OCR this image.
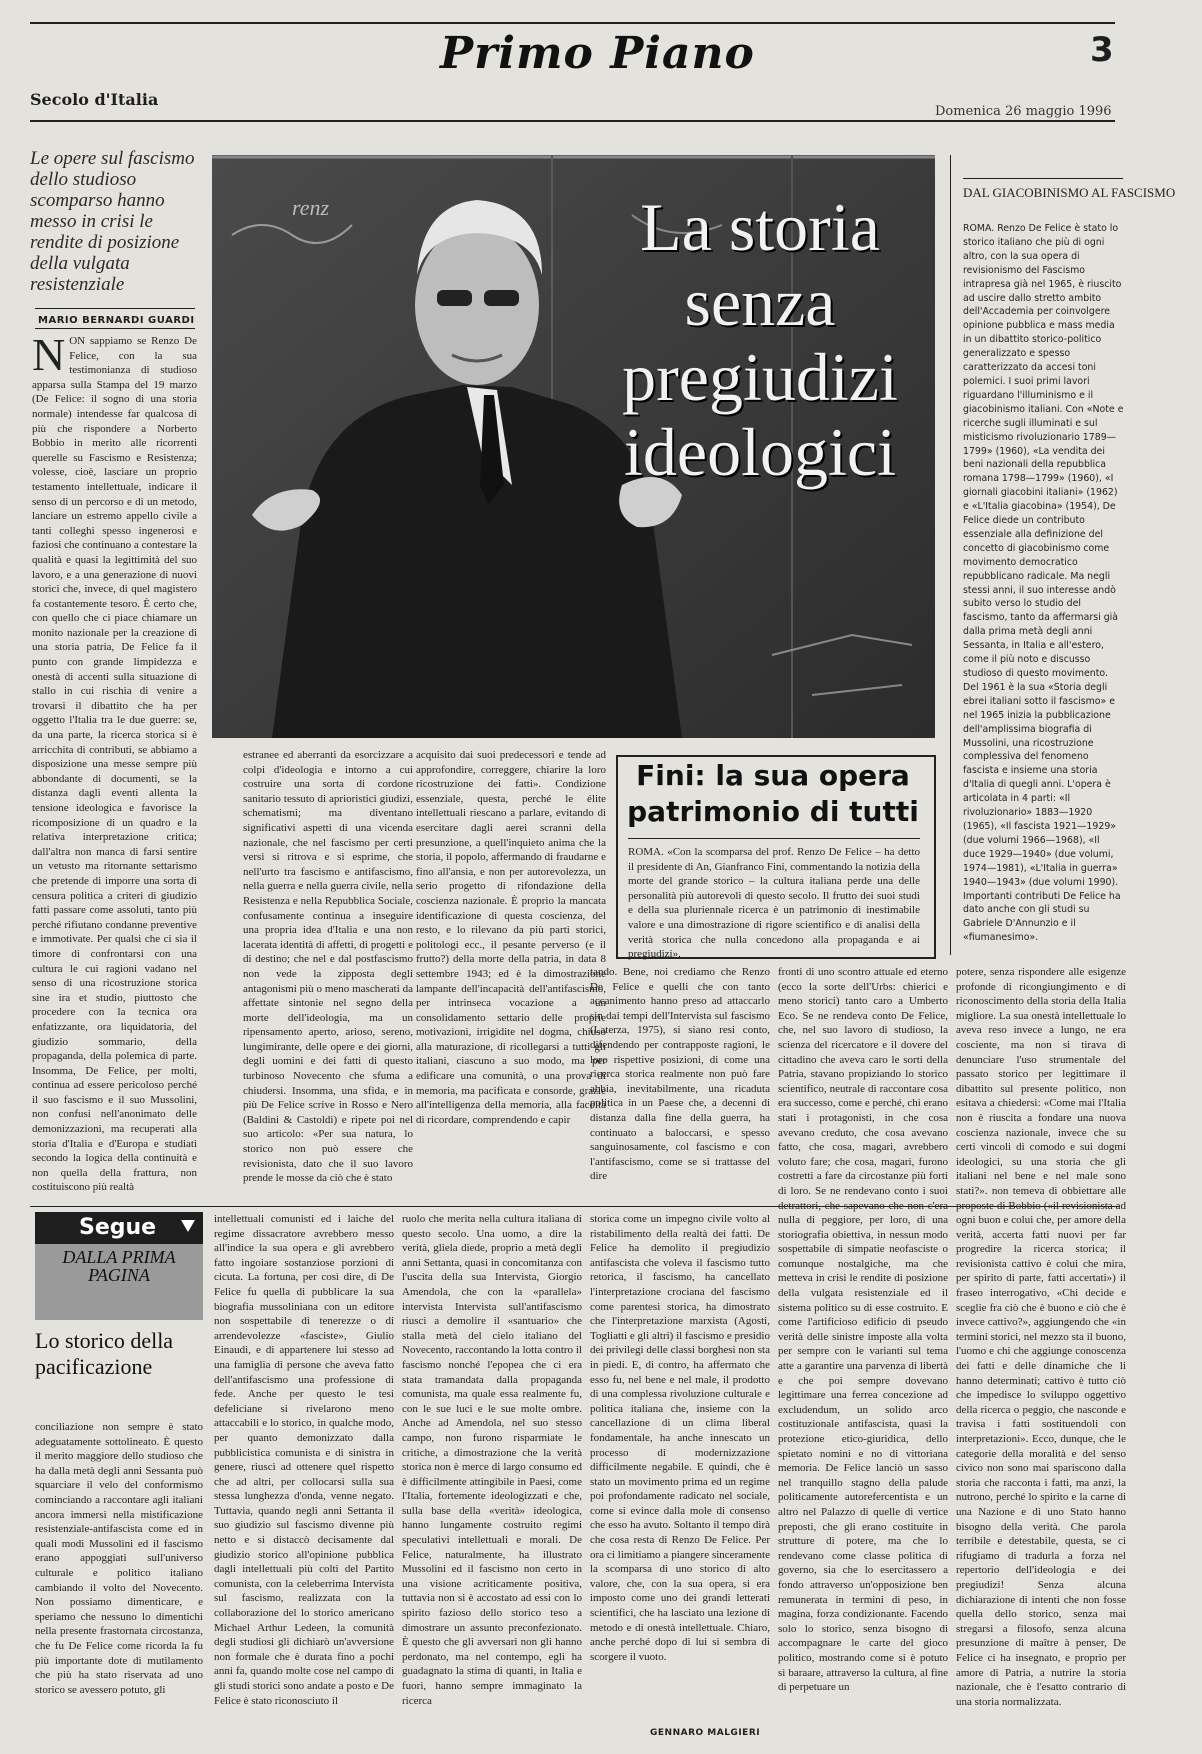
Primo Piano	3
Secolo d'Italia
Domenica 26 maggio 1996
Le opere sul fascismo dello studioso scomparso hanno messo in crisi le rendite di posizione della vulgata resistenziale
MARIO BERNARDI GUARDI
N ON sappiamo se Renzo De Felice, con la sua testimonianza di studioso apparsa sulla Stampa del 19 marzo (De Felice: il sogno di una storia normale) intendesse far qualcosa di più che rispondere a Norberto Bobbio in merito alle ricorrenti querelle su Fascismo e Resistenza; volesse, cioè, lasciare un proprio testamento intellettuale, indicare il senso di un percorso e di un metodo, lanciare un estremo appello civile a tanti colleghi spesso ingenerosi e faziosi che continuano a contestare la qualità e quasi la legittimità del suo lavoro, e a una generazione di nuovi storici che, invece, di quel magistero fa costantemente tesoro. È certo che, con quello che ci piace chiamare un monito nazionale per la creazione di una storia patria, De Felice fa il punto con grande limpidezza e onestà di accenti sulla situazione di stallo in cui rischia di venire a trovarsi il dibattito che ha per oggetto l'Italia tra le due guerre: se, da una parte, la ricerca storica si è arricchita di contributi, se abbiamo a disposizione una messe sempre più abbondante di documenti, se la distanza dagli eventi allenta la tensione ideologica e favorisce la ricomposizione di un quadro e la relativa interpretazione critica; dall'altra non manca di farsi sentire un vetusto ma ritornante settarismo che pretende di imporre una sorta di censura politica a criteri di giudizio fatti passare come assoluti, tanto più perché rifiutano condanne preventive e immotivate. Per qualsi che ci sia il timore di confrontarsi con una cultura le cui ragioni vadano nel senso di una ricostruzione storica sine ira et studio, piuttosto che procedere con la tecnica ora enfatizzante, ora liquidatoria, del giudizio sommario, della propaganda, della polemica di parte. Insomma, De Felice, per molti, continua ad essere pericoloso perché il suo fascismo e il suo Mussolini, non confusi nell'anonimato delle demonizzazioni, ma recuperati alla storia d'Italia e d'Europa e studiati secondo la logica della continuità e non quella della frattura, non costituiscono più realtà
renz	La storia senza pregiudizi ideologici
estranee ed aberranti da esorcizzare a colpi d'ideologia e intorno a cui costruire una sorta di cordone sanitario tessuto di aprioristici giudizi, schematismi; ma diventano significativi aspetti di una vicenda nazionale, che nel fascismo per certi versi si ritrova e si esprime, che nell'urto tra fascismo e antifascismo, nella guerra e nella guerra civile, nella Resistenza e nella Repubblica Sociale, confusamente continua a inseguire una propria idea d'Italia e una non lacerata identità di affetti, di progetti e di destino; che nel e dal postfascismo non vede la zipposta degli antagonismi più o meno mascherati da affettate sintonie nel segno della morte dell'ideologia, ma un ripensamento aperto, arioso, sereno, lungimirante, delle opere e dei giorni, degli uomini e dei fatti di questo turbinoso Novecento che sfuma a chiudersi. Insomma, una sfida, e in più De Felice scrive in Rosso e Nero (Baldini & Castoldi) e ripete poi nel suo articolo: «Per sua natura, lo storico non può essere che revisionista, dato che il suo lavoro prende le mosse da ciò che è stato
acquisito dai suoi predecessori e tende ad approfondire, correggere, chiarire la loro ricostruzione dei fatti». Condizione essenziale, questa, perché le élite intellettuali riescano a parlare, evitando di esercitare dagli aerei scranni della presunzione, a quell'inquieto anima che la storia, il popolo, affermando di fraudarne e fino all'ansia, e non per autorevolezza, un serio progetto di rifondazione della coscienza nazionale. È proprio la mancata identificazione di questa coscienza, del resto, e lo rilevano da più parti storici, politologi ecc., il pesante perverso (e il frutto?) della morte della patria, in data 8 settembre 1943; ed è la dimostrazione lampante dell'incapacità dell'antifascismo, per intrinseca vocazione a un consolidamento settario delle proprie motivazioni, irrigidite nel dogma, chiuso alla maturazione, di ricollegarsi a tutti gli italiani, ciascuno a suo modo, ma per edificare una comunità, o una prova di memoria, ma pacificata e consorde, grazie all'intelligenza della memoria, alla facoltà di ricordare, comprendendo e capir
Fini: la sua opera patrimonio di tutti
ROMA. «Con la scomparsa del prof. Renzo De Felice – ha detto il presidente di An, Gianfranco Fini, commentando la notizia della morte del grande storico – la cultura italiana perde una delle personalità più autorevoli di questo secolo. Il frutto dei suoi studi e della sua pluriennale ricerca è un patrimonio di inestimabile valore e una dimostrazione di rigore scientifico e di analisi della verità storica che nulla concedono alla propaganda e ai pregiudizi».
DAL GIACOBINISMO AL FASCISMO
ROMA. Renzo De Felice è stato lo storico italiano che più di ogni altro, con la sua opera di revisionismo del Fascismo intrapresa già nel 1965, è riuscito ad uscire dallo stretto ambito dell'Accademia per coinvolgere opinione pubblica e mass media in un dibattito storico-politico generalizzato e spesso caratterizzato da accesi toni polemici. I suoi primi lavori riguardano l'illuminismo e il giacobinismo italiani. Con «Note e ricerche sugli illuminati e sul misticismo rivoluzionario 1789—1799» (1960), «La vendita dei beni nazionali della repubblica romana 1798—1799» (1960), «I giornali giacobini italiani» (1962) e «L'Italia giacobina» (1954), De Felice diede un contributo essenziale alla definizione del concetto di giacobinismo come movimento democratico repubblicano radicale. Ma negli stessi anni, il suo interesse andò subito verso lo studio del fascismo, tanto da affermarsi già dalla prima metà degli anni Sessanta, in Italia e all'estero, come il più noto e discusso studioso di questo movimento. Del 1961 è la sua «Storia degli ebrei italiani sotto il fascismo» e nel 1965 inizia la pubblicazione dell'amplissima biografia di Mussolini, una ricostruzione complessiva del fenomeno fascista e insieme una storia d'Italia di quegli anni. L'opera è articolata in 4 parti: «Il rivoluzionario» 1883—1920 (1965), «Il fascista 1921—1929» (due volumi 1966—1968), «Il duce 1929—1940» (due volumi, 1974—1981), «L'Italia in guerra» 1940—1943» (due volumi 1990). Importanti contributi De Felice ha dato anche con gli studi su Gabriele D'Annunzio e il «fiumanesimo».
Segue
DALLA PRIMA PAGINA
Lo storico della pacificazione
conciliazione non sempre è stato adeguatamente sottolineato. È questo il merito maggiore dello studioso che ha dalla metà degli anni Sessanta può squarciare il velo del conformismo cominciando a raccontare agli italiani ancora immersi nella mistificazione resistenziale-antifascista come ed in quali modi Mussolini ed il fascismo erano appoggiati sull'universo culturale e politico italiano cambiando il volto del Novecento. Non possiamo dimenticare, e speriamo che nessuno lo dimentichi nella presente frastornata circostanza, che fu De Felice come ricorda la fu più importante dote di mutilamento che più ha stato riservata ad uno storico se avessero potuto, gli
intellettuali comunisti ed i laiche del regime dissacratore avrebbero messo all'indice la sua opera e gli avrebbero fatto ingoiare sostanziose porzioni di cicuta. La fortuna, per così dire, di De Felice fu quella di pubblicare la sua biografia mussoliniana con un editore non sospettabile di tenerezze o di arrendevolezze «fasciste», Giulio Einaudi, e di appartenere lui stesso ad una famiglia di persone che aveva fatto dell'antifascismo una professione di fede. Anche per questo le tesi defeliciane si rivelarono meno attaccabili e lo storico, in qualche modo, per quanto demonizzato dalla pubblicistica comunista e di sinistra in genere, riuscì ad ottenere quel rispetto che ad altri, per collocarsi sulla sua stessa lunghezza d'onda, venne negato. Tuttavia, quando negli anni Settanta il suo giudizio sul fascismo divenne più netto e si distaccò decisamente dal giudizio storico all'opinione pubblica dagli intellettuali più colti del Partito comunista, con la celeberrima Intervista sul fascismo, realizzata con la collaborazione del lo storico americano Michael Arthur Ledeen, la comunità degli studiosi gli dichiarò un'avversione non formale che è durata fino a pochi anni fa, quando molte cose nel campo di gli studi storici sono andate a posto e De Felice è stato riconosciuto il
ruolo che merita nella cultura italiana di questo secolo. Una uomo, a dire la verità, gliela diede, proprio a metà degli anni Settanta, quasi in concomitanza con l'uscita della sua Intervista, Giorgio Amendola, che con la «parallela» intervista Intervista sull'antifascismo riuscì a demolire il «santuario» che stalla metà del cielo italiano del Novecento, raccontando la lotta contro il fascismo nonché l'epopea che ci era stata tramandata dalla propaganda comunista, ma quale essa realmente fu, con le sue luci e le sue molte ombre. Anche ad Amendola, nel suo stesso campo, non furono risparmiate le critiche, a dimostrazione che la verità storica non è merce di largo consumo ed è difficilmente attingibile in Paesi, come l'Italia, fortemente ideologizzati e che, sulla base della «verità» ideologica, hanno lungamente costruito regimi speculativi intellettuali e morali. De Felice, naturalmente, ha illustrato Mussolini ed il fascismo non certo in una visione acriticamente positiva, tuttavia non si è accostato ad essi con lo spirito fazioso dello storico teso a dimostrare un assunto preconfezionato. È questo che gli avversari non gli hanno perdonato, ma nel contempo, egli ha guadagnato la stima di quanti, in Italia e fuori, hanno sempre immaginato la ricerca
storica come un impegno civile volto al ristabilimento della realtà dei fatti. De Felice ha demolito il pregiudizio antifascista che voleva il fascismo tutto retorica, il fascismo, ha cancellato l'interpretazione crociana del fascismo come parentesi storica, ha dimostrato che l'interpretazione marxista (Agosti, Togliatti e gli altri) il fascismo e presidio dei privilegi delle classi borghesi non sta in piedi. E, di contro, ha affermato che esso fu, nel bene e nel male, il prodotto di una complessa rivoluzione culturale e politica italiana che, insieme con la cancellazione di un clima liberal fondamentale, ha anche innescato un processo di modernizzazione difficilmente negabile. E quindi, che è stato un movimento prima ed un regime poi profondamente radicato nel sociale, come si evince dalla mole di consenso che esso ha avuto. Soltanto il tempo dirà che cosa resta di Renzo De Felice. Per ora ci limitiamo a piangere sinceramente la scomparsa di uno storico di alto valore, che, con la sua opera, si era imposto come uno dei grandi letterati scientifici, che ha lasciato una lezione di metodo e di onestà intellettuale. Chiaro, anche perché dopo di lui si sembra di scorgere il vuoto.
GENNARO MALGIERI
tando. Bene, noi crediamo che Renzo De Felice e quelli che con tanto accanimento hanno preso ad attaccarlo sin dai tempi dell'Intervista sul fascismo (Laterza, 1975), si siano resi conto, difendendo per contrapposte ragioni, le loro rispettive posizioni, di come una ricerca storica realmente non può fare abbia, inevitabilmente, una ricaduta politica in un Paese che, a decenni di distanza dalla fine della guerra, ha continuato a baloccarsi, e spesso sanguinosamente, col fascismo e con l'antifascismo, come se si trattasse del dire
fronti di uno scontro attuale ed eterno (ecco la sorte dell'Urbs: chierici e meno storici) tanto caro a Umberto Eco. Se ne rendeva conto De Felice, che, nel suo lavoro di studioso, la scienza del ricercatore e il dovere del cittadino che aveva caro le sorti della Patria, stavano propiziando lo storico scientifico, neutrale di raccontare cosa era successo, come e perché, chi erano stati i protagonisti, in che cosa avevano creduto, che cosa avevano fatto, che cosa, magari, avrebbero voluto fare; che cosa, magari, furono costretti a fare da circostanze più forti di loro. Se ne rendevano conto i suoi detrattori, che sapevano che non c'era nulla di peggiore, per loro, di una storiografia obiettiva, in nessun modo sospettabile di simpatie neofasciste o comunque nostalgiche, ma che metteva in crisi le rendite di posizione della vulgata resistenziale ed il sistema politico su di esse costruito. E come l'artificioso edificio di pseudo verità delle sinistre imposte alla volta per sempre con le varianti sul tema atte a garantire una parvenza di libertà e che poi sempre dovevano legittimare una ferrea concezione ad excludendum, un solido arco costituzionale antifascista, quasi la protezione etico-giuridica, dello spietato nomini e no di vittoriana memoria. De Felice lanciò un sasso nel tranquillo stagno della palude politicamente autorefercentista e un altro nel Palazzo di quelle di vertice preposti, che gli erano costituite in strutture di potere, ma che lo rendevano come classe politica di governo, sia che lo esercitassero a fondo attraverso un'opposizione ben remunerata in termini di peso, in magina, forza condizionante. Facendo solo lo storico, senza bisogno di accompagnare le carte del gioco politico, mostrando come si è potuto sì baraare, attraverso la cultura, al fine di perpetuare un
potere, senza rispondere alle esigenze profonde di ricongiungimento e di riconoscimento della storia della Italia migliore. La sua onestà intellettuale lo aveva reso invece a lungo, ne era cosciente, ma non si tirava di denunciare l'uso strumentale del passato storico per legittimare il dibattito sul presente politico, non esitava a chiedersi: «Come mai l'Italia non è riuscita a fondare una nuova coscienza nazionale, invece che su certi vincoli di comodo e sui dogmi ideologici, su una storia che gli italiani nel bene e nel male sono stati?». non temeva di obbiettare alle proposte di Bobbio («il revisionista ad ogni buon e colui che, per amore della verità, accerta fatti nuovi per far progredire la ricerca storica; il revisionista cattivo è colui che mira, per spirito di parte, fatti accertati») il fraseo interrogativo, «Chi decide e sceglie fra ciò che è buono e ciò che è invece cattivo?», aggiungendo che «in termini storici, nel mezzo sta il buono, l'uomo e chi che aggiunge conoscenza dei fatti e delle dinamiche che li hanno determinati; cattivo è tutto ciò che impedisce lo sviluppo oggettivo della ricerca o peggio, che nasconde e travisa i fatti sostituendoli con interpretazioni». Ecco, dunque, che le categorie della moralità e del senso civico non sono mai spariscono dalla storia che racconta i fatti, ma anzi, la nutrono, perché lo spirito e la carne di una Nazione e di uno Stato hanno bisogno della verità. Che parola terribile e detestabile, questa, se ci rifugiamo di tradurla a forza nel repertorio dell'ideologia e dei pregiudizi! Senza alcuna dichiarazione di intenti che non fosse quella dello storico, senza mai stregarsi a filosofo, senza alcuna presunzione di maître à penser, De Felice ci ha insegnato, e proprio per amore di Patria, a nutrire la storia nazionale, che è l'esatto contrario di una storia normalizzata.
